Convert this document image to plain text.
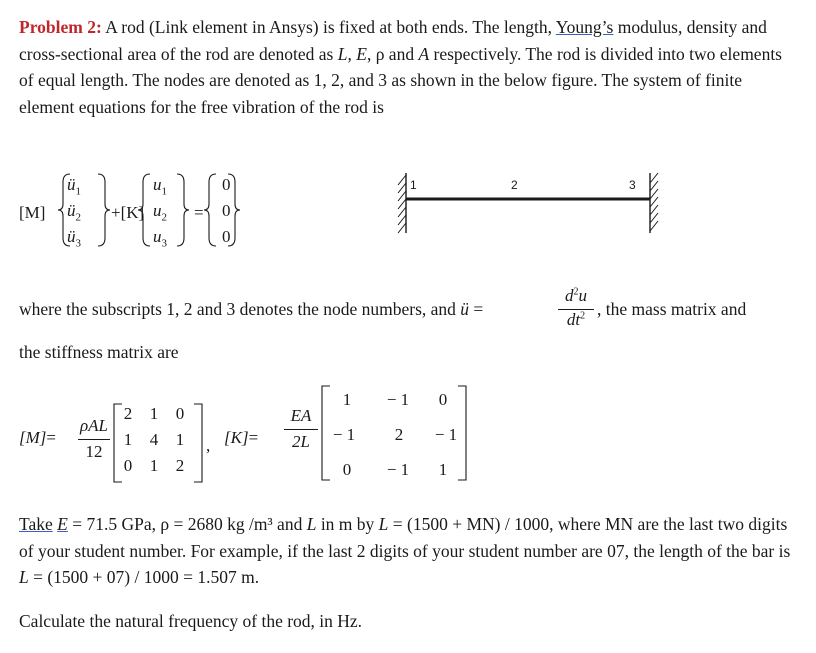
Problem 2: A rod (Link element in Ansys) is fixed at both ends. The length, Young’s modulus, density and cross-sectional area of the rod are denoted as L, E, ρ and A respectively. The rod is divided into two elements of equal length. The nodes are denoted as 1, 2, and 3 as shown in the below figure. The system of finite element equations for the free vibration of the rod is

[M]
$ü_1$
$ü_2$
$ü_3$
+[K]
$u_1$
$u_2$
$u_3$
=
0
0
0
1	2	3
where the subscripts 1, 2 and 3 denotes the node numbers, and ü =
$d^2u$
$dt^2$ , the mass matrix and
the stiffness matrix are
[M]=
ρAL
12
2	1	0
1	4	1
0	1	2
, [K]=
EA
2L
1	− 1	0
− 1	2	− 1
0	− 1	1

Take E = 71.5 GPa, ρ = 2680 kg /m³ and L in m by L = (1500 + MN) / 1000, where MN are the last two digits of your student number. For example, if the last 2 digits of your student number are 07, the length of the bar is L = (1500 + 07) / 1000 = 1.507 m.

Calculate the natural frequency of the rod, in Hz.
